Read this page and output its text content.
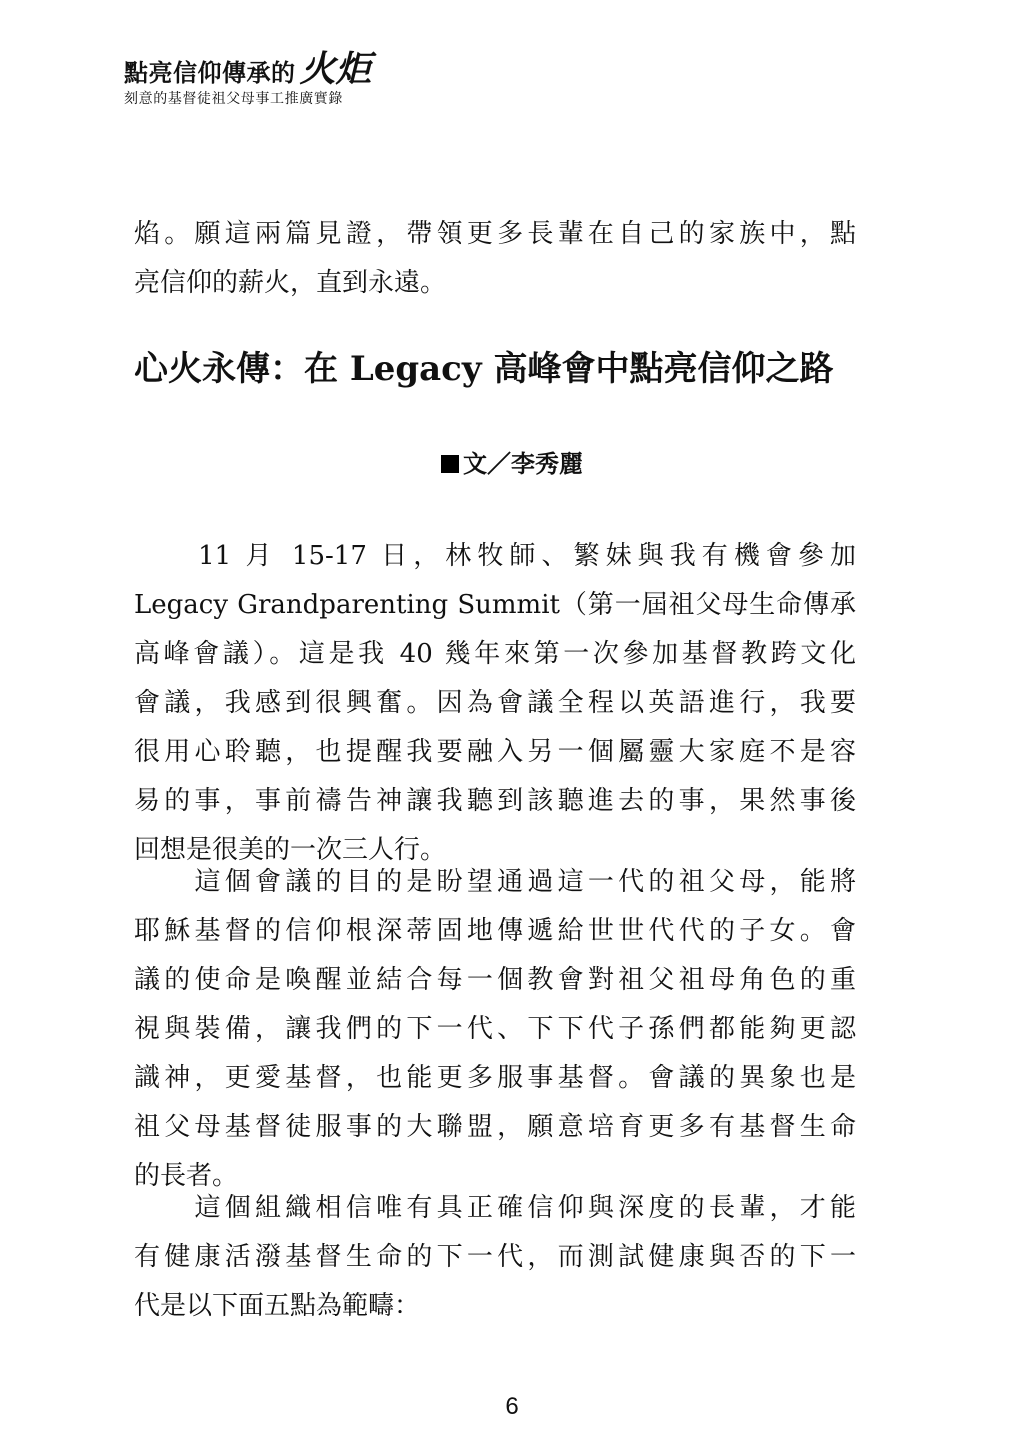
點亮信仰傳承的 火炬
刻意的基督徒祖父母事工推廣實錄
焰。願這兩篇見證，帶領更多長輩在自己的家族中，點
亮信仰的薪火，直到永遠。
心火永傳：在 Legacy 高峰會中點亮信仰之路
文／李秀麗
　　11 月 15-17 日，林牧師、繁妹與我有機會參加
Legacy Grandparenting Summit（第一屆祖父母生命傳承
高峰會議）。這是我 40 幾年來第一次參加基督教跨文化
會議，我感到很興奮。因為會議全程以英語進行，我要
很用心聆聽，也提醒我要融入另一個屬靈大家庭不是容
易的事，事前禱告神讓我聽到該聽進去的事，果然事後
回想是很美的一次三人行。
　　這個會議的目的是盼望通過這一代的祖父母，能將
耶穌基督的信仰根深蒂固地傳遞給世世代代的子女。會
議的使命是喚醒並結合每一個教會對祖父祖母角色的重
視與裝備，讓我們的下一代、下下代子孫們都能夠更認
識神，更愛基督，也能更多服事基督。會議的異象也是
祖父母基督徒服事的大聯盟，願意培育更多有基督生命
的長者。
　　這個組織相信唯有具正確信仰與深度的長輩，才能
有健康活潑基督生命的下一代，而測試健康與否的下一
代是以下面五點為範疇：
6
